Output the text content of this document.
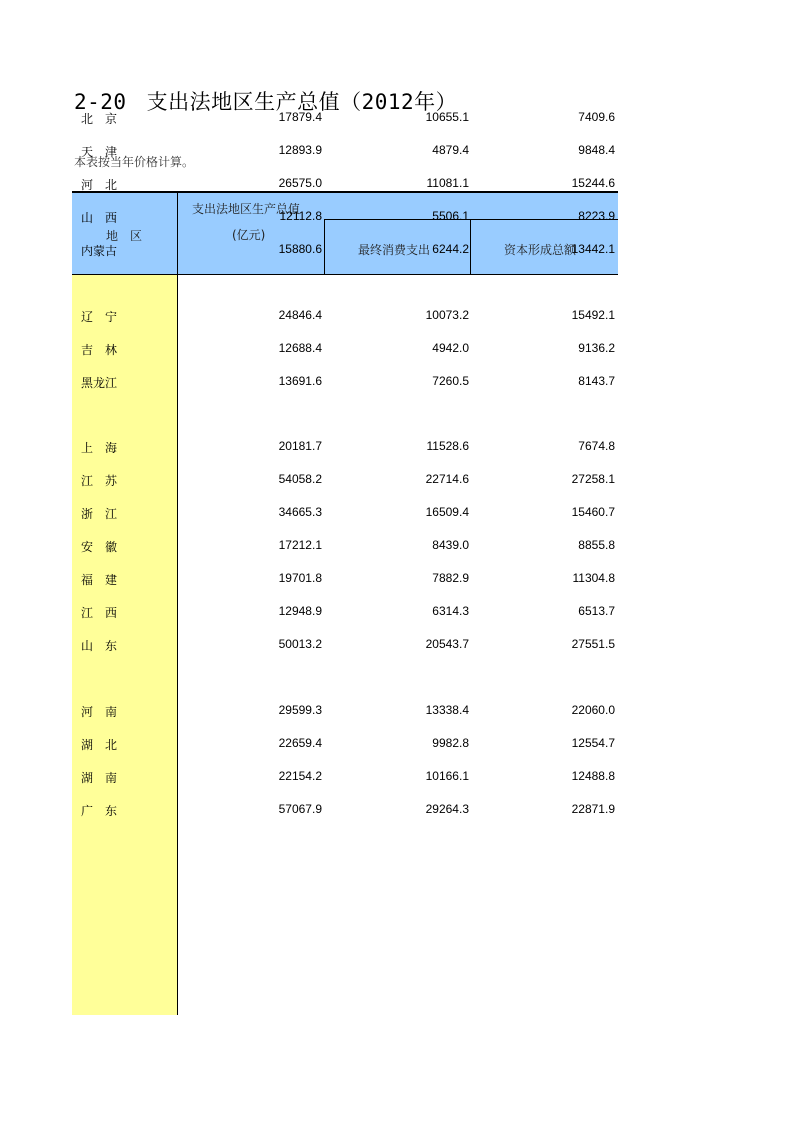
2-20 支出法地区生产总值（2012年）
本表按当年价格计算。
地　区
支出法地区生产总值
(亿元)
最终消费支出	资本形成总额
北　京	17879.4	10655.1	7409.6
天　津	12893.9	4879.4	9848.4
河　北	26575.0	11081.1	15244.6
山　西	12112.8	5506.1	8223.9
内蒙古	15880.6	6244.2	13442.1
辽　宁	24846.4	10073.2	15492.1
吉　林	12688.4	4942.0	9136.2
黑龙江	13691.6	7260.5	8143.7
上　海	20181.7	11528.6	7674.8
江　苏	54058.2	22714.6	27258.1
浙　江	34665.3	16509.4	15460.7
安　徽	17212.1	8439.0	8855.8
福　建	19701.8	7882.9	11304.8
江　西	12948.9	6314.3	6513.7
山　东	50013.2	20543.7	27551.5
河　南	29599.3	13338.4	22060.0
湖　北	22659.4	9982.8	12554.7
湖　南	22154.2	10166.1	12488.8
广　东	57067.9	29264.3	22871.9
